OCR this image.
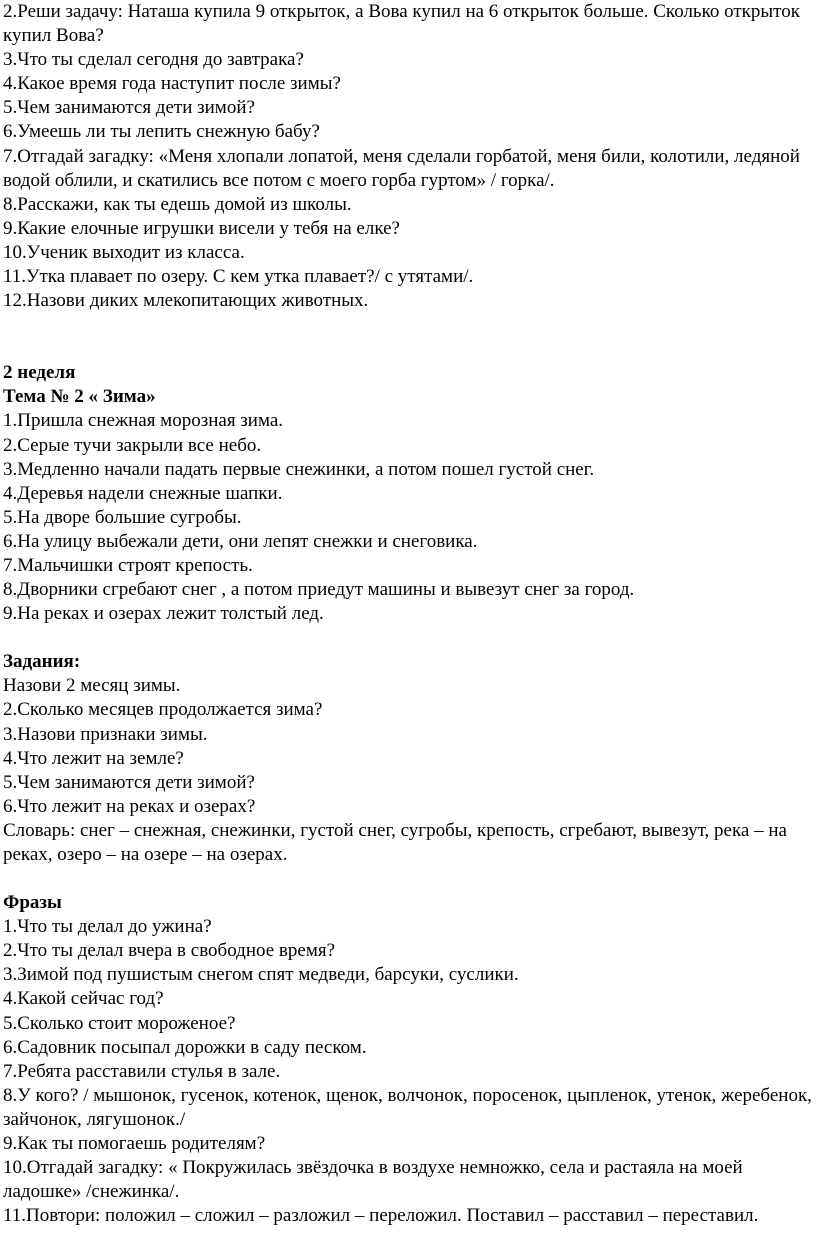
2.Реши задачу: Наташа купила 9 открыток, а Вова купил на 6 открыток больше. Сколько открыток купил Вова?
3.Что ты сделал сегодня до завтрака?
4.Какое время года наступит после зимы?
5.Чем занимаются дети зимой?
6.Умеешь ли ты лепить снежную бабу?
7.Отгадай загадку: «Меня хлопали лопатой, меня сделали горбатой, меня били, колотили, ледяной водой облили, и скатились все потом с моего горба гуртом» / горка/.
8.Расскажи, как ты едешь домой из школы.
9.Какие елочные игрушки висели у тебя на елке?
10.Ученик выходит из класса.
11.Утка плавает по озеру. С кем утка плавает?/ с утятами/.
12.Назови диких млекопитающих животных.
2 неделя
Тема № 2 « Зима»
1.Пришла снежная морозная зима.
2.Серые тучи закрыли все небо.
3.Медленно начали падать первые снежинки, а потом пошел густой снег.
4.Деревья надели снежные шапки.
5.На дворе большие сугробы.
6.На улицу выбежали дети, они лепят снежки и снеговика.
7.Мальчишки строят крепость.
8.Дворники сгребают снег , а потом приедут машины и вывезут снег за город.
9.На реках и озерах лежит толстый лед.
Задания:
Назови 2 месяц зимы.
2.Сколько месяцев продолжается зима?
3.Назови признаки зимы.
4.Что лежит на земле?
5.Чем занимаются дети зимой?
6.Что лежит на реках и озерах?
Словарь: снег – снежная, снежинки, густой снег, сугробы, крепость, сгребают, вывезут, река – на реках, озеро – на озере – на озерах.
Фразы
1.Что ты делал до ужина?
2.Что ты делал вчера в свободное время?
3.Зимой под пушистым снегом спят медведи, барсуки, суслики.
4.Какой сейчас год?
5.Сколько стоит мороженое?
6.Садовник посыпал дорожки в саду песком.
7.Ребята расставили стулья в зале.
8.У кого? / мышонок, гусенок, котенок, щенок, волчонок, поросенок, цыпленок, утенок, жеребенок, зайчонок, лягушонок./
9.Как ты помогаешь родителям?
10.Отгадай загадку: « Покружилась звёздочка в воздухе немножко, села и растаяла на моей ладошке» /снежинка/.
11.Повтори: положил – сложил – разложил – переложил. Поставил – расставил – переставил.
